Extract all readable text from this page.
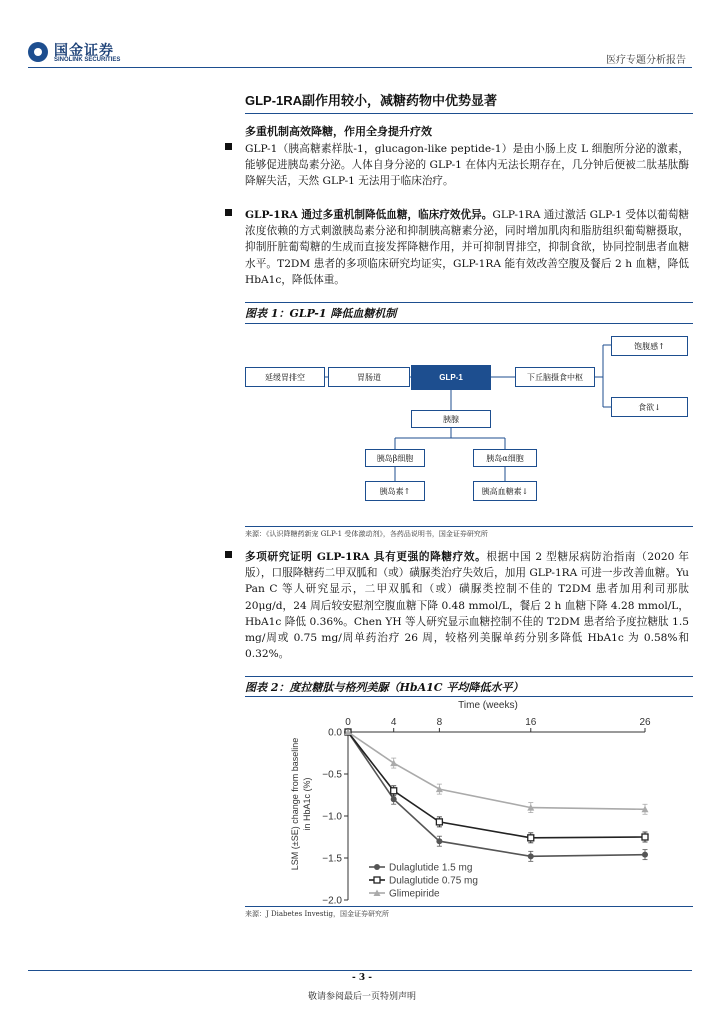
国金证券
SINOLINK SECURITIES	医疗专题分析报告
GLP-1RA副作用较小，减糖药物中优势显著
多重机制高效降糖，作用全身提升疗效
GLP-1（胰高糖素样肽-1，glucagon-like peptide-1）是由小肠上皮 L 细胞所分泌的激素，能够促进胰岛素分泌。人体自身分泌的 GLP-1 在体内无法长期存在，几分钟后便被二肽基肽酶降解失活，天然 GLP-1 无法用于临床治疗。
GLP-1RA 通过多重机制降低血糖，临床疗效优异。GLP-1RA 通过激活 GLP-1 受体以葡萄糖浓度依赖的方式刺激胰岛素分泌和抑制胰高糖素分泌，同时增加肌肉和脂肪组织葡萄糖摄取，抑制肝脏葡萄糖的生成而直接发挥降糖作用，并可抑制胃排空，抑制食欲，协同控制患者血糖水平。T2DM 患者的多项临床研究均证实，GLP-1RA 能有效改善空腹及餐后 2 h 血糖，降低 HbA1c，降低体重。
图表 1：GLP-1 降低血糖机制
延缓胃排空	胃肠道	GLP-1	下丘脑摄食中枢
饱腹感↑
食欲↓
胰腺
胰岛β细胞	胰岛α细胞
胰岛素↑	胰高血糖素↓
来源：《认识降糖药新宠 GLP-1 受体激动剂》，各药品说明书，国金证券研究所
多项研究证明 GLP-1RA 具有更强的降糖疗效。根据中国 2 型糖尿病防治指南（2020 年版），口服降糖药二甲双胍和（或）磺脲类治疗失效后，加用 GLP-1RA 可进一步改善血糖。Yu Pan C 等人研究显示，二甲双胍和（或）磺脲类控制不佳的 T2DM 患者加用利司那肽 20μg/d，24 周后较安慰剂空腹血糖下降 0.48 mmol/L，餐后 2 h 血糖下降 4.28 mmol/L，HbA1c 降低 0.36%。Chen YH 等人研究显示血糖控制不佳的 T2DM 患者给予度拉糖肽 1.5 mg/周或 0.75 mg/周单药治疗 26 周，较格列美脲单药分别多降低 HbA1c 为 0.58%和 0.32%。
图表 2：度拉糖肽与格列美脲（HbA1C 平均降低水平）
Time (weeks)
LSM (±SE) change from baseline in HbA1c (%)
0	4	8	16	26
0.0
−0.5
−1.0
−1.5
−2.0
Dulaglutide 1.5 mg
Dulaglutide 0.75 mg
Glimepiride
来源：J Diabetes Investig，国金证券研究所
- 3 -
敬请参阅最后一页特别声明
